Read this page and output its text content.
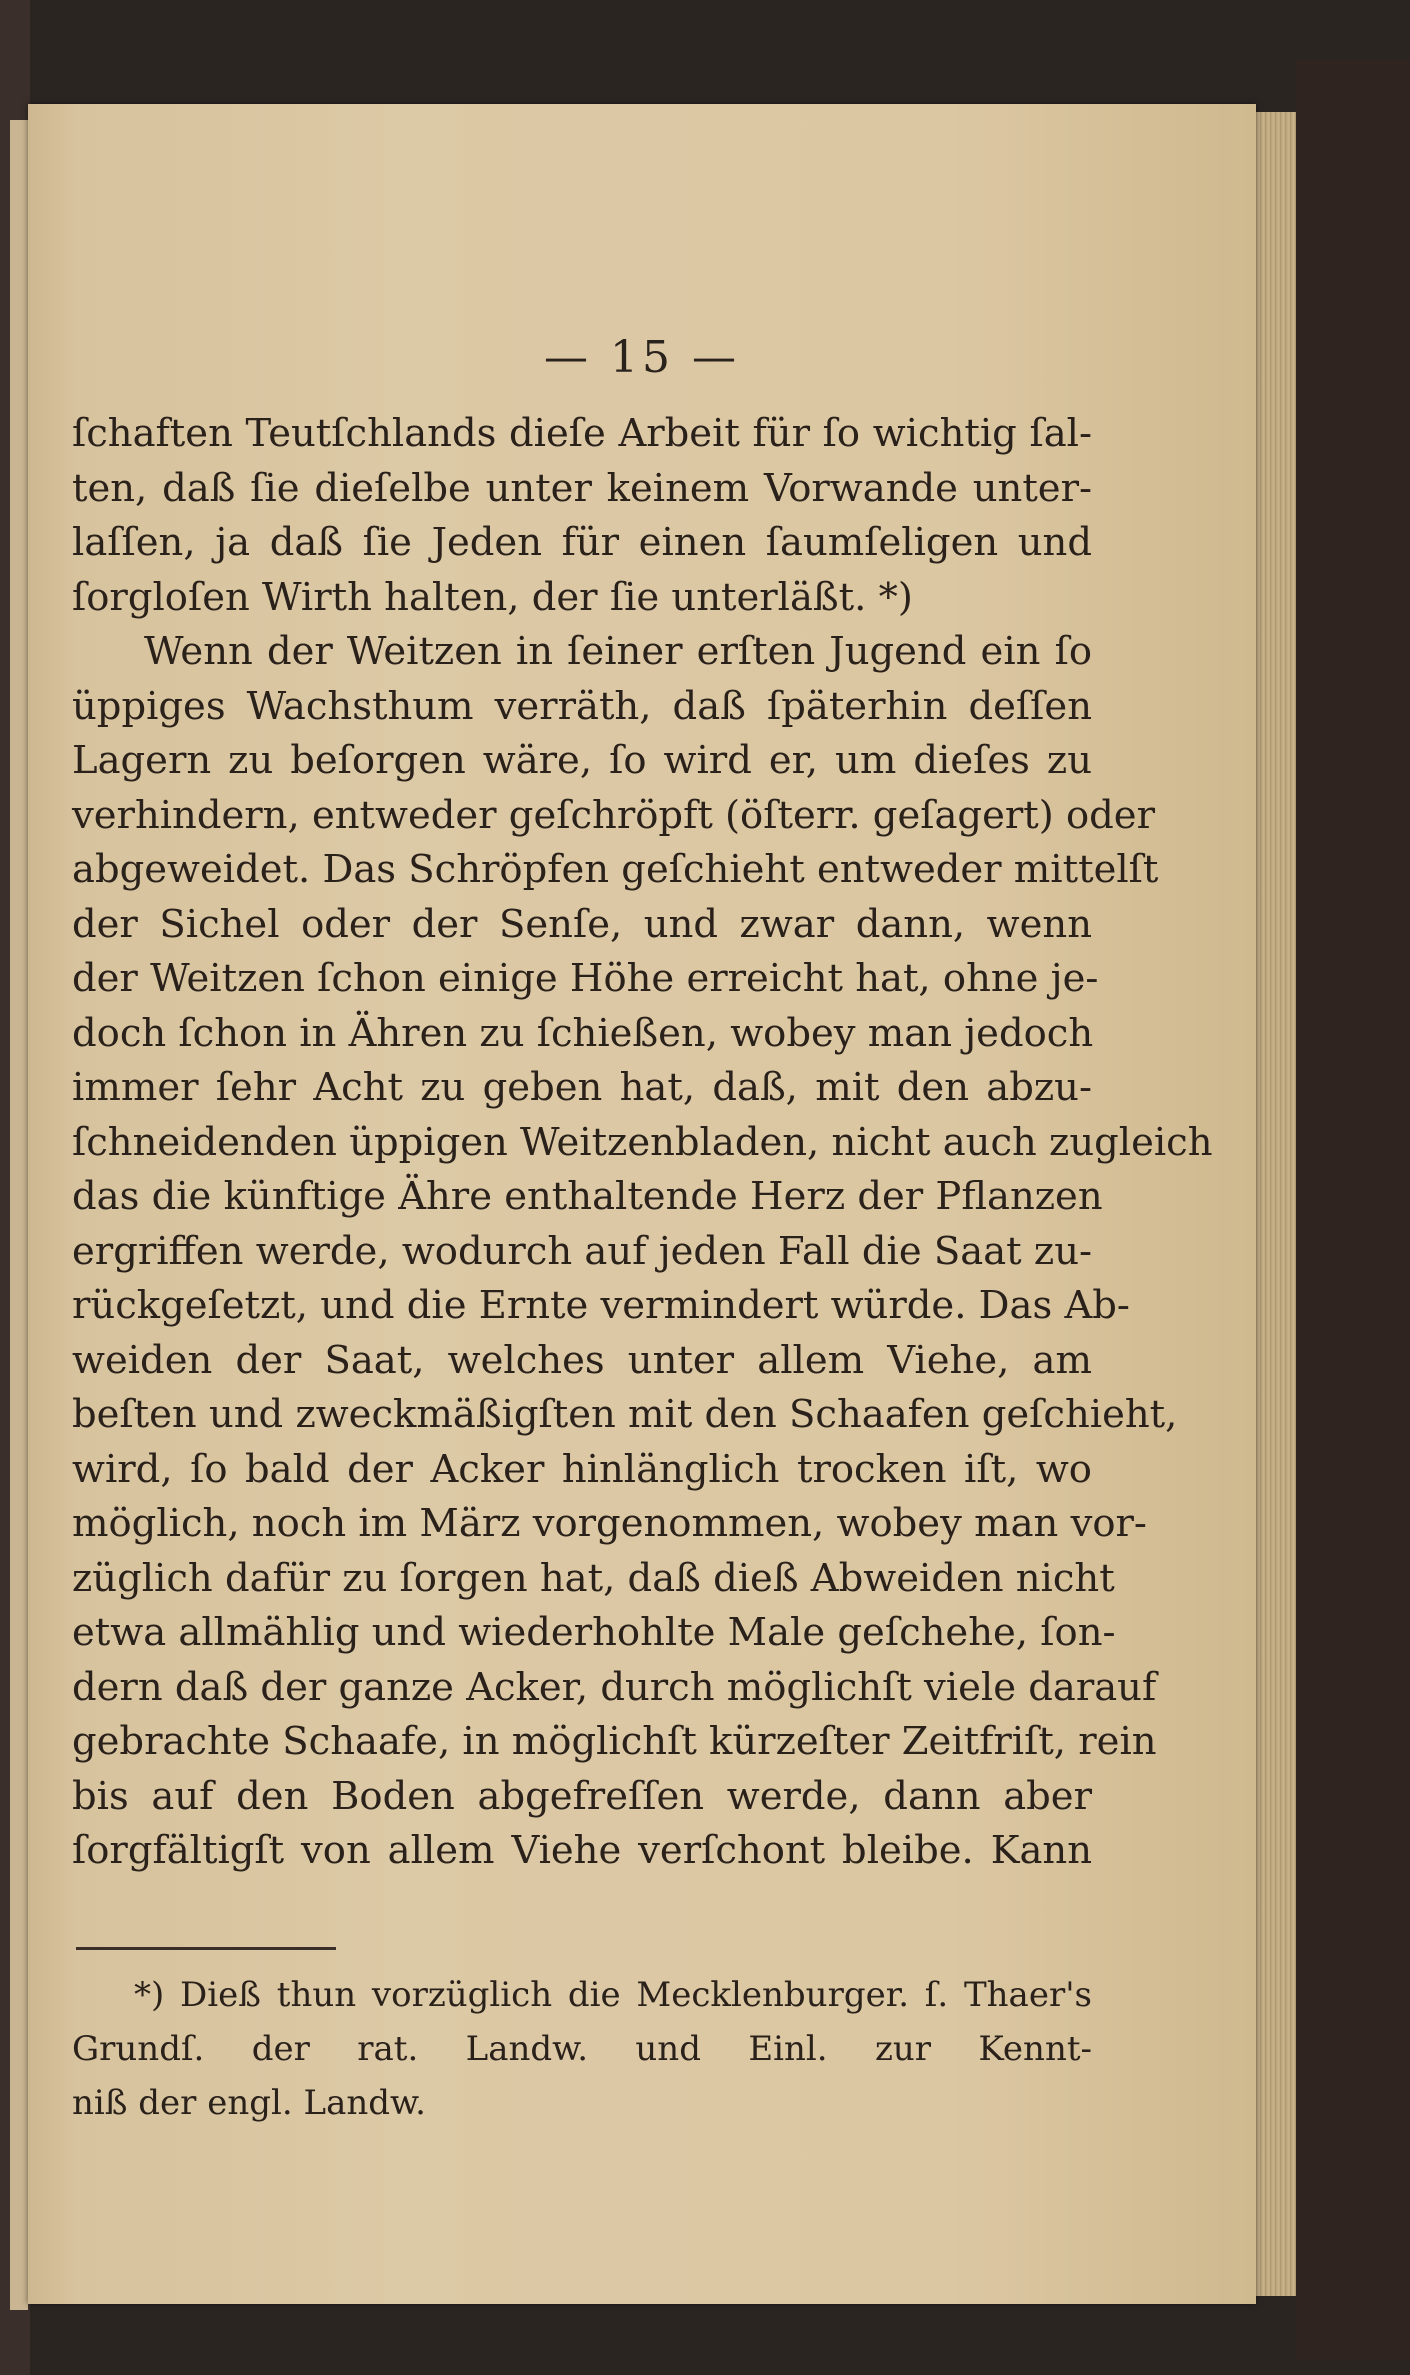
— 15 —
ſchaften Teutſchlands dieſe Arbeit für ſo wichtig ſal-
ten, daß ſie dieſelbe unter keinem Vorwande unter-
laſſen, ja daß ſie Jeden für einen ſaumſeligen und
ſorgloſen Wirth halten, der ſie unterläßt. *)
Wenn der Weitzen in ſeiner erſten Jugend ein ſo
üppiges Wachsthum verräth, daß ſpäterhin deſſen
Lagern zu beſorgen wäre, ſo wird er, um dieſes zu
verhindern, entweder geſchröpft (öſterr. geſagert) oder
abgeweidet. Das Schröpfen geſchieht entweder mittelſt
der Sichel oder der Senſe, und zwar dann, wenn
der Weitzen ſchon einige Höhe erreicht hat, ohne je-
doch ſchon in Ähren zu ſchießen, wobey man jedoch
immer ſehr Acht zu geben hat, daß, mit den abzu-
ſchneidenden üppigen Weitzenbladen, nicht auch zugleich
das die künftige Ähre enthaltende Herz der Pflanzen
ergriffen werde, wodurch auf jeden Fall die Saat zu-
rückgeſetzt, und die Ernte vermindert würde. Das Ab-
weiden der Saat, welches unter allem Viehe, am
beſten und zweckmäßigſten mit den Schaafen geſchieht,
wird, ſo bald der Acker hinlänglich trocken iſt, wo
möglich, noch im März vorgenommen, wobey man vor-
züglich dafür zu ſorgen hat, daß dieß Abweiden nicht
etwa allmählig und wiederhohlte Male geſchehe, ſon-
dern daß der ganze Acker, durch möglichſt viele darauf
gebrachte Schaafe, in möglichſt kürzeſter Zeitfriſt, rein
bis auf den Boden abgefreſſen werde, dann aber
ſorgfältigſt von allem Viehe verſchont bleibe. Kann
*) Dieß thun vorzüglich die Mecklenburger. ſ. Thaer's
Grundſ. der rat. Landw. und Einl. zur Kennt-
niß der engl. Landw.
